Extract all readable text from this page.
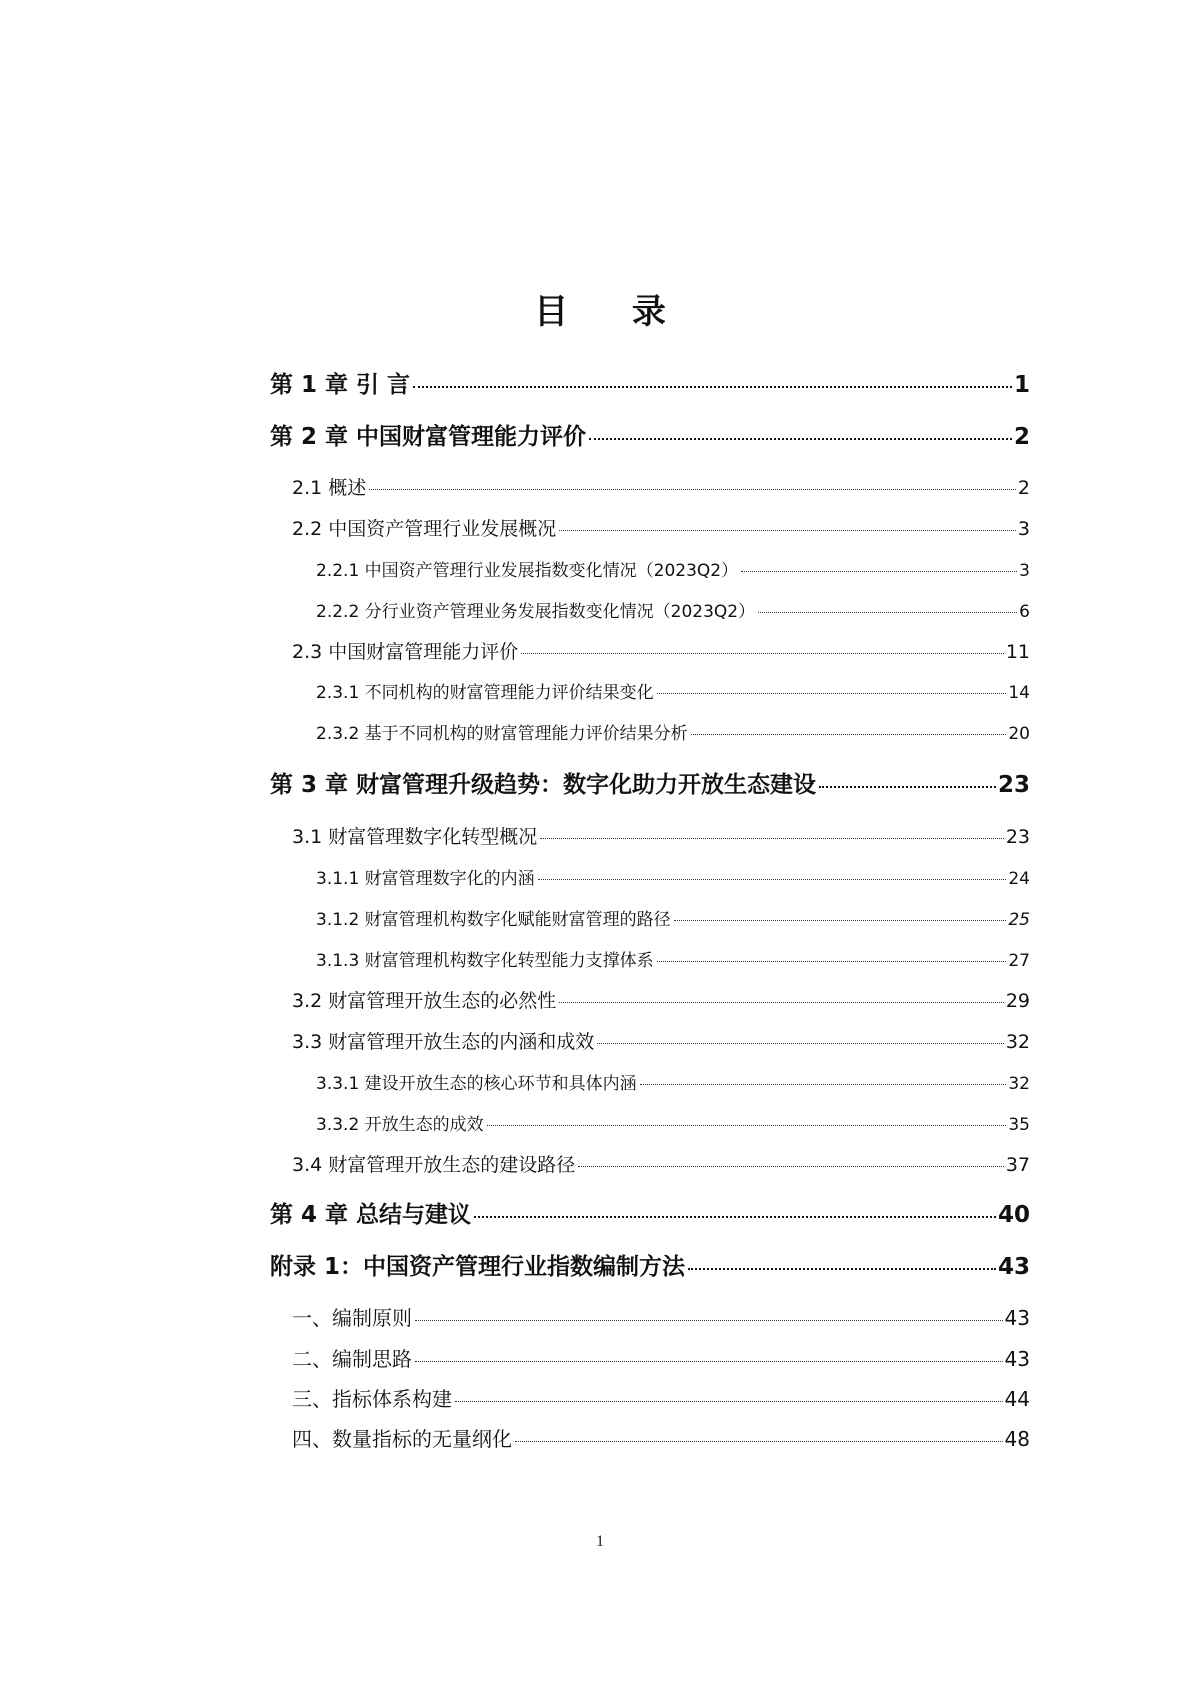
目 录
第 1 章 引 言	1
第 2 章 中国财富管理能力评价	2
2.1 概述	2
2.2 中国资产管理行业发展概况	3
2.2.1 中国资产管理行业发展指数变化情况（2023Q2）	3
2.2.2 分行业资产管理业务发展指数变化情况（2023Q2）	6
2.3 中国财富管理能力评价	11
2.3.1 不同机构的财富管理能力评价结果变化	14
2.3.2 基于不同机构的财富管理能力评价结果分析	20
第 3 章 财富管理升级趋势：数字化助力开放生态建设	23
3.1 财富管理数字化转型概况	23
3.1.1 财富管理数字化的内涵	24
3.1.2 财富管理机构数字化赋能财富管理的路径	25
3.1.3 财富管理机构数字化转型能力支撑体系	27
3.2 财富管理开放生态的必然性	29
3.3 财富管理开放生态的内涵和成效	32
3.3.1 建设开放生态的核心环节和具体内涵	32
3.3.2 开放生态的成效	35
3.4 财富管理开放生态的建设路径	37
第 4 章 总结与建议	40
附录 1：中国资产管理行业指数编制方法	43
一、编制原则	43
二、编制思路	43
三、指标体系构建	44
四、数量指标的无量纲化	48
1
